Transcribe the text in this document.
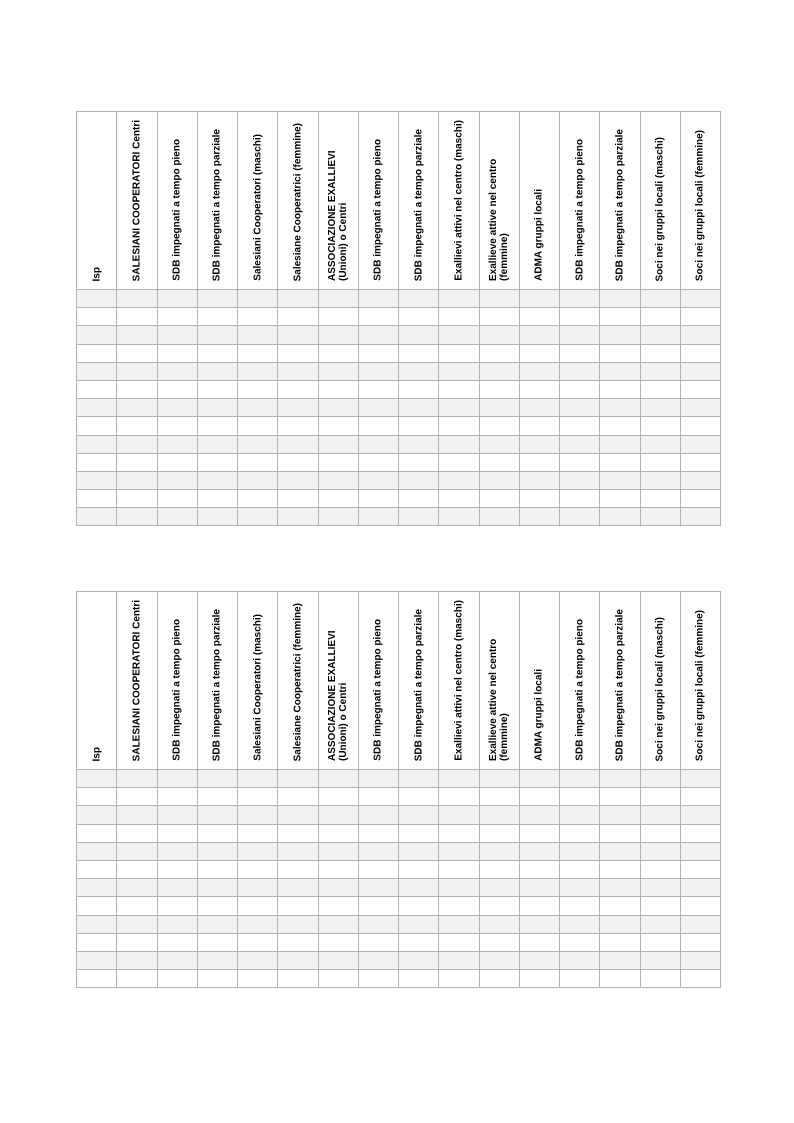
Isp	SALESIANI COOPERATORI Centri	SDB impegnati a tempo pieno	SDB impegnati a tempo parziale	Salesiani Cooperatori (maschi)	Salesiane Cooperatrici (femmine)	ASSOCIAZIONE EXALLIEVI (Unioni) o Centri	SDB impegnati a tempo pieno	SDB impegnati a tempo parziale	Exallievi attivi nel centro (maschi)	Exallieve attive nel centro (femmine)	ADMA gruppi locali	SDB impegnati a tempo pieno	SDB impegnati a tempo parziale	Soci nei gruppi locali (maschi)	Soci nei gruppi locali (femmine)

Isp	SALESIANI COOPERATORI Centri	SDB impegnati a tempo pieno	SDB impegnati a tempo parziale	Salesiani Cooperatori (maschi)	Salesiane Cooperatrici (femmine)	ASSOCIAZIONE EXALLIEVI (Unioni) o Centri	SDB impegnati a tempo pieno	SDB impegnati a tempo parziale	Exallievi attivi nel centro (maschi)	Exallieve attive nel centro (femmine)	ADMA gruppi locali	SDB impegnati a tempo pieno	SDB impegnati a tempo parziale	Soci nei gruppi locali (maschi)	Soci nei gruppi locali (femmine)
